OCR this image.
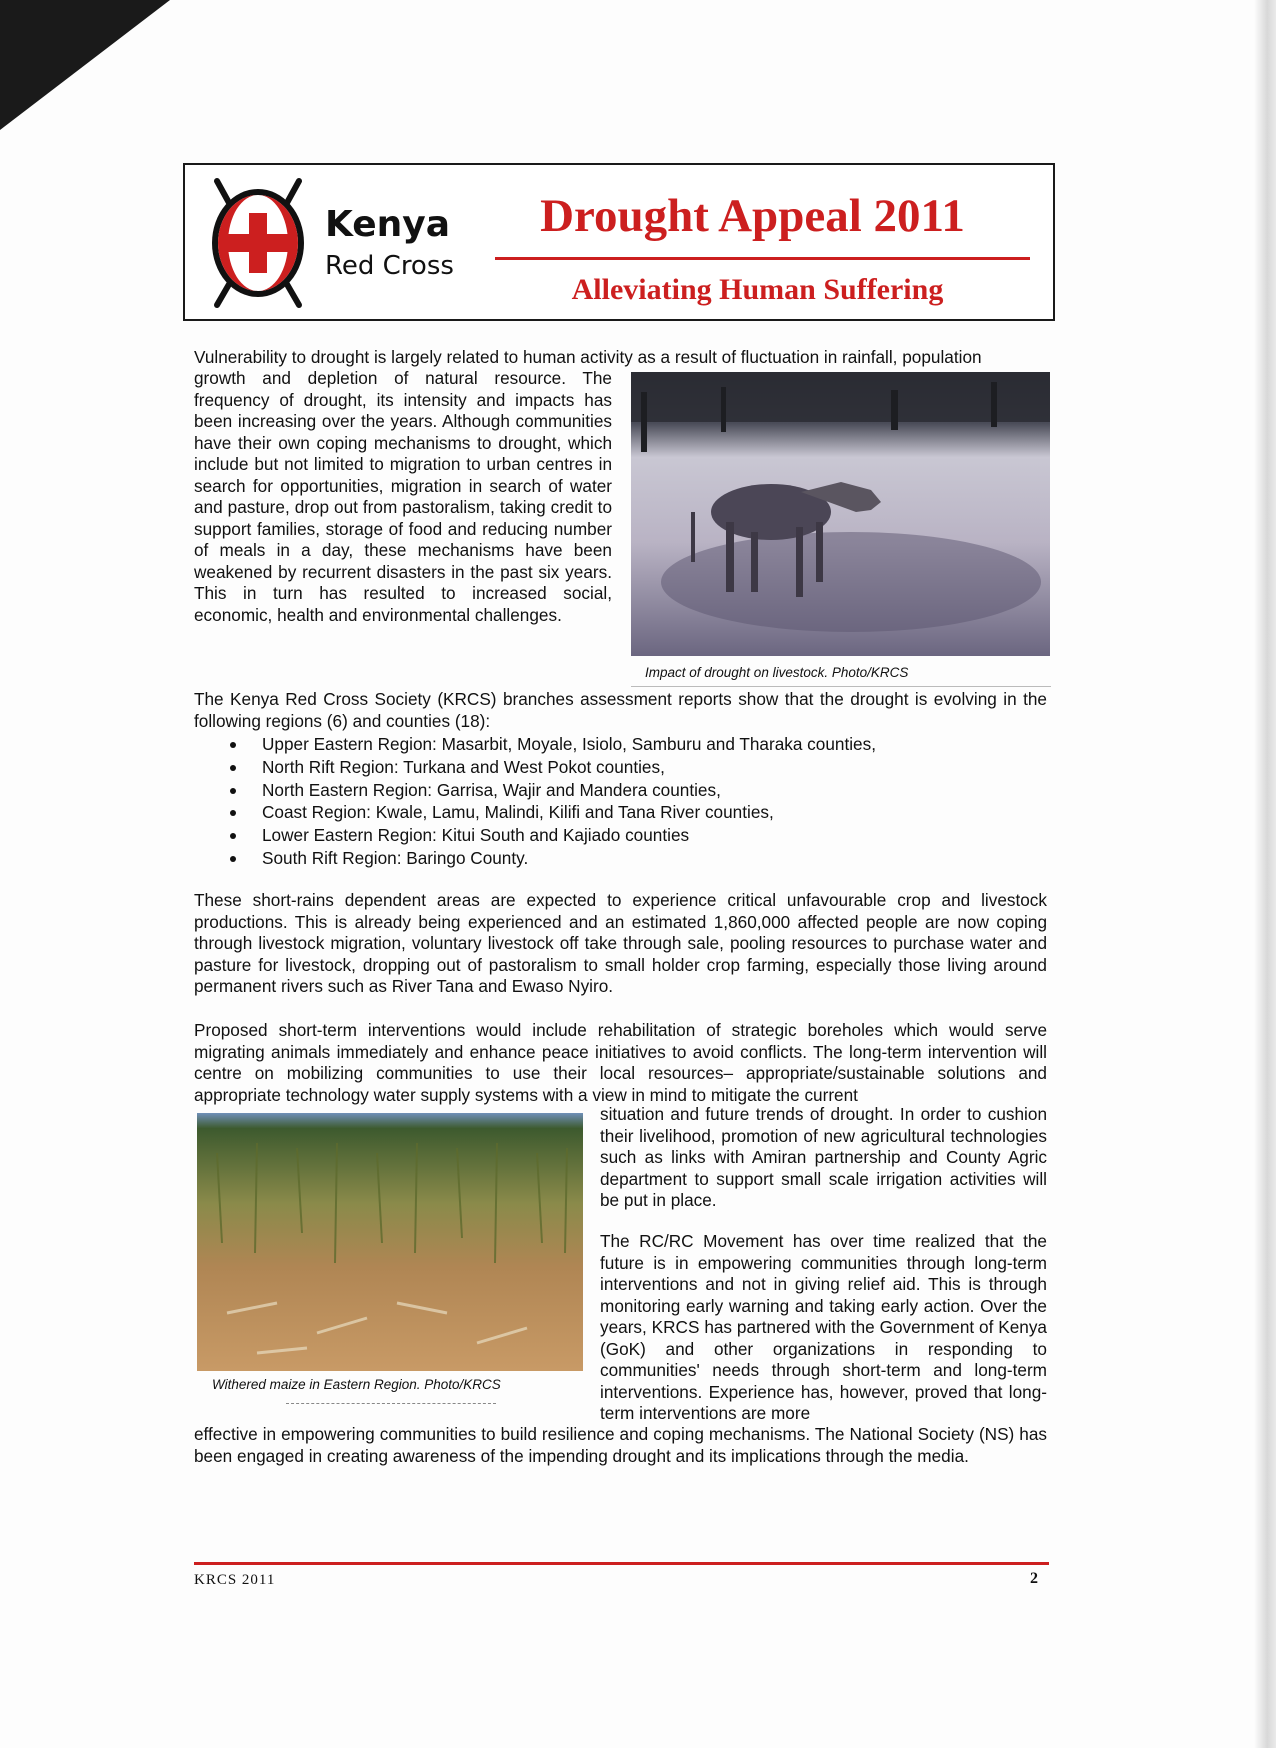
Kenya
Red Cross
Drought Appeal 2011
Alleviating Human Suffering

Vulnerability to drought is largely related to human activity as a result of fluctuation in rainfall, population

growth and depletion of natural resource. The frequency of drought, its intensity and impacts has been increasing over the years. Although communities have their own coping mechanisms to drought, which include but not limited to migration to urban centres in search for opportunities, migration in search of water and pasture, drop out from pastoralism, taking credit to support families, storage of food and reducing number of meals in a day, these mechanisms have been weakened by recurrent disasters in the past six years. This in turn has resulted to increased social, economic, health and environmental challenges.

Impact of drought on livestock. Photo/KRCS

The Kenya Red Cross Society (KRCS) branches assessment reports show that the drought is evolving in the following regions (6) and counties (18):

Upper Eastern Region: Masarbit, Moyale, Isiolo, Samburu and Tharaka counties,
North Rift Region: Turkana and West Pokot counties,
North Eastern Region: Garrisa, Wajir and Mandera counties,
Coast Region: Kwale, Lamu, Malindi, Kilifi and Tana River counties,
Lower Eastern Region: Kitui South and Kajiado counties
South Rift Region: Baringo County.

These short-rains dependent areas are expected to experience critical unfavourable crop and livestock productions. This is already being experienced and an estimated 1,860,000 affected people are now coping through livestock migration, voluntary livestock off take through sale, pooling resources to purchase water and pasture for livestock, dropping out of pastoralism to small holder crop farming, especially those living around permanent rivers such as River Tana and Ewaso Nyiro.

Proposed short-term interventions would include rehabilitation of strategic boreholes which would serve migrating animals immediately and enhance peace initiatives to avoid conflicts. The long-term intervention will centre on mobilizing communities to use their local resources– appropriate/sustainable solutions and appropriate technology water supply systems with a view in mind to mitigate the current

Withered maize in Eastern Region. Photo/KRCS

situation and future trends of drought. In order to cushion their livelihood, promotion of new agricultural technologies such as links with Amiran partnership and County Agric department to support small scale irrigation activities will be put in place.

The RC/RC Movement has over time realized that the future is in empowering communities through long-term interventions and not in giving relief aid. This is through monitoring early warning and taking early action. Over the years, KRCS has partnered with the Government of Kenya (GoK) and other organizations in responding to communities' needs through short-term and long-term interventions. Experience has, however, proved that long-term interventions are more

effective in empowering communities to build resilience and coping mechanisms. The National Society (NS) has been engaged in creating awareness of the impending drought and its implications through the media.

KRCS 2011	2
